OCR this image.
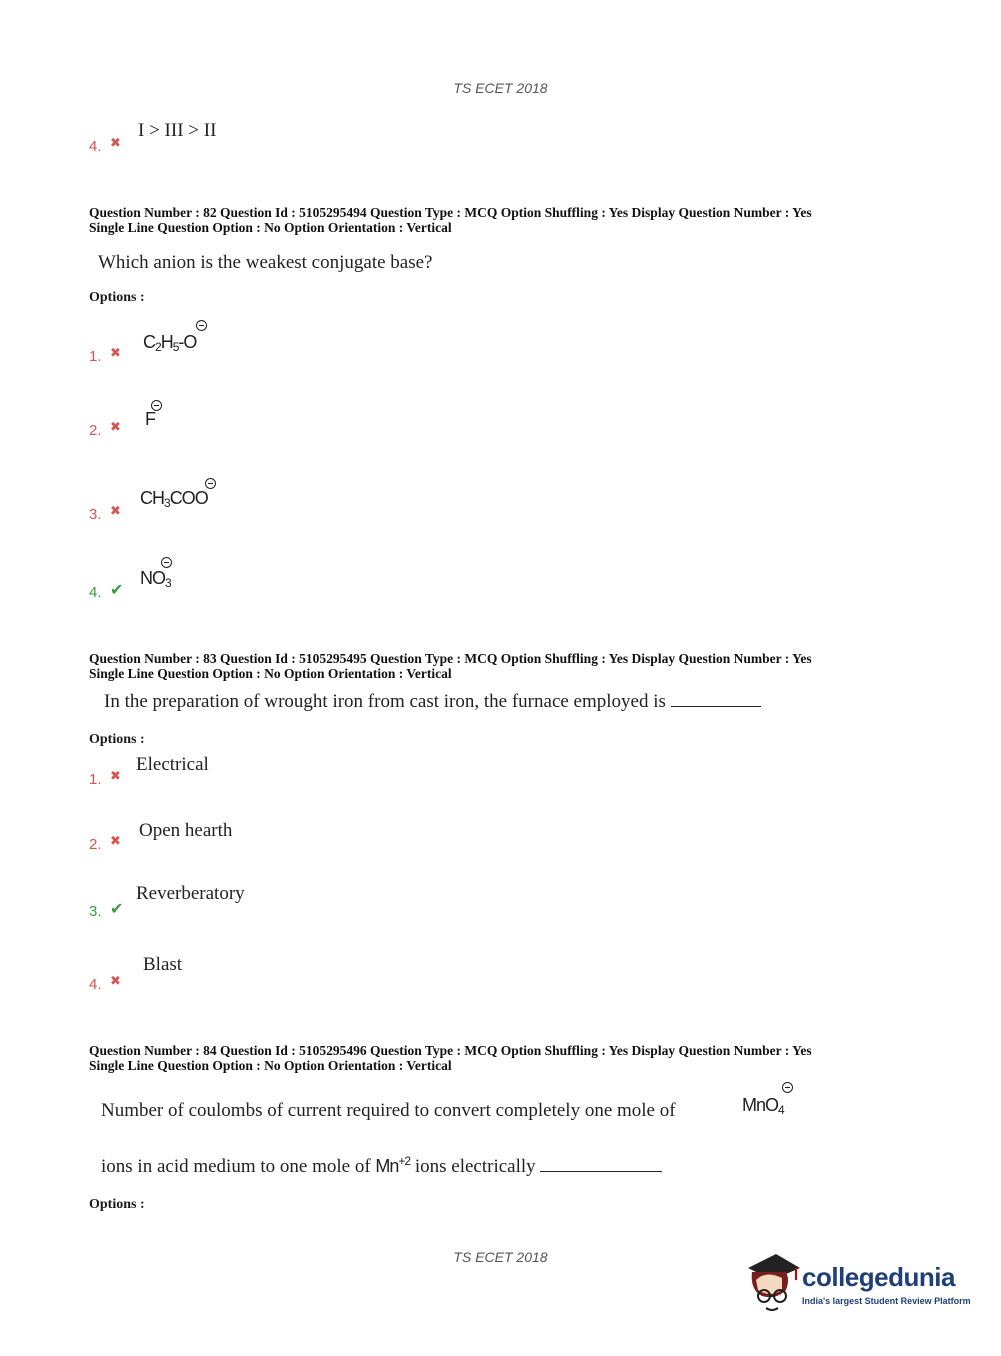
TS ECET 2018
4. ✖
I > III > II
Question Number : 82 Question Id : 5105295494 Question Type : MCQ Option Shuffling : Yes Display Question Number : Yes
Single Line Question Option : No Option Orientation : Vertical
Which anion is the weakest conjugate base?
Options :
1. ✖
$C_2H_5-O$
2. ✖ F
3. ✖
$CH_3COO$
4. ✔
$NO_3$
Question Number : 83 Question Id : 5105295495 Question Type : MCQ Option Shuffling : Yes Display Question Number : Yes
Single Line Question Option : No Option Orientation : Vertical
In the preparation of wrought iron from cast iron, the furnace employed is
Options :
1. ✖
Electrical
2. ✖
Open hearth
3. ✔
Reverberatory
4. ✖
Blast
Question Number : 84 Question Id : 5105295496 Question Type : MCQ Option Shuffling : Yes Display Question Number : Yes
Single Line Question Option : No Option Orientation : Vertical
Number of coulombs of current required to convert completely one mole of	MnO$_4$
ions in acid medium to one mole of $Mn^{+2}$ ions electrically
Options :
TS ECET 2018
collegedunia
India's largest Student Review Platform
